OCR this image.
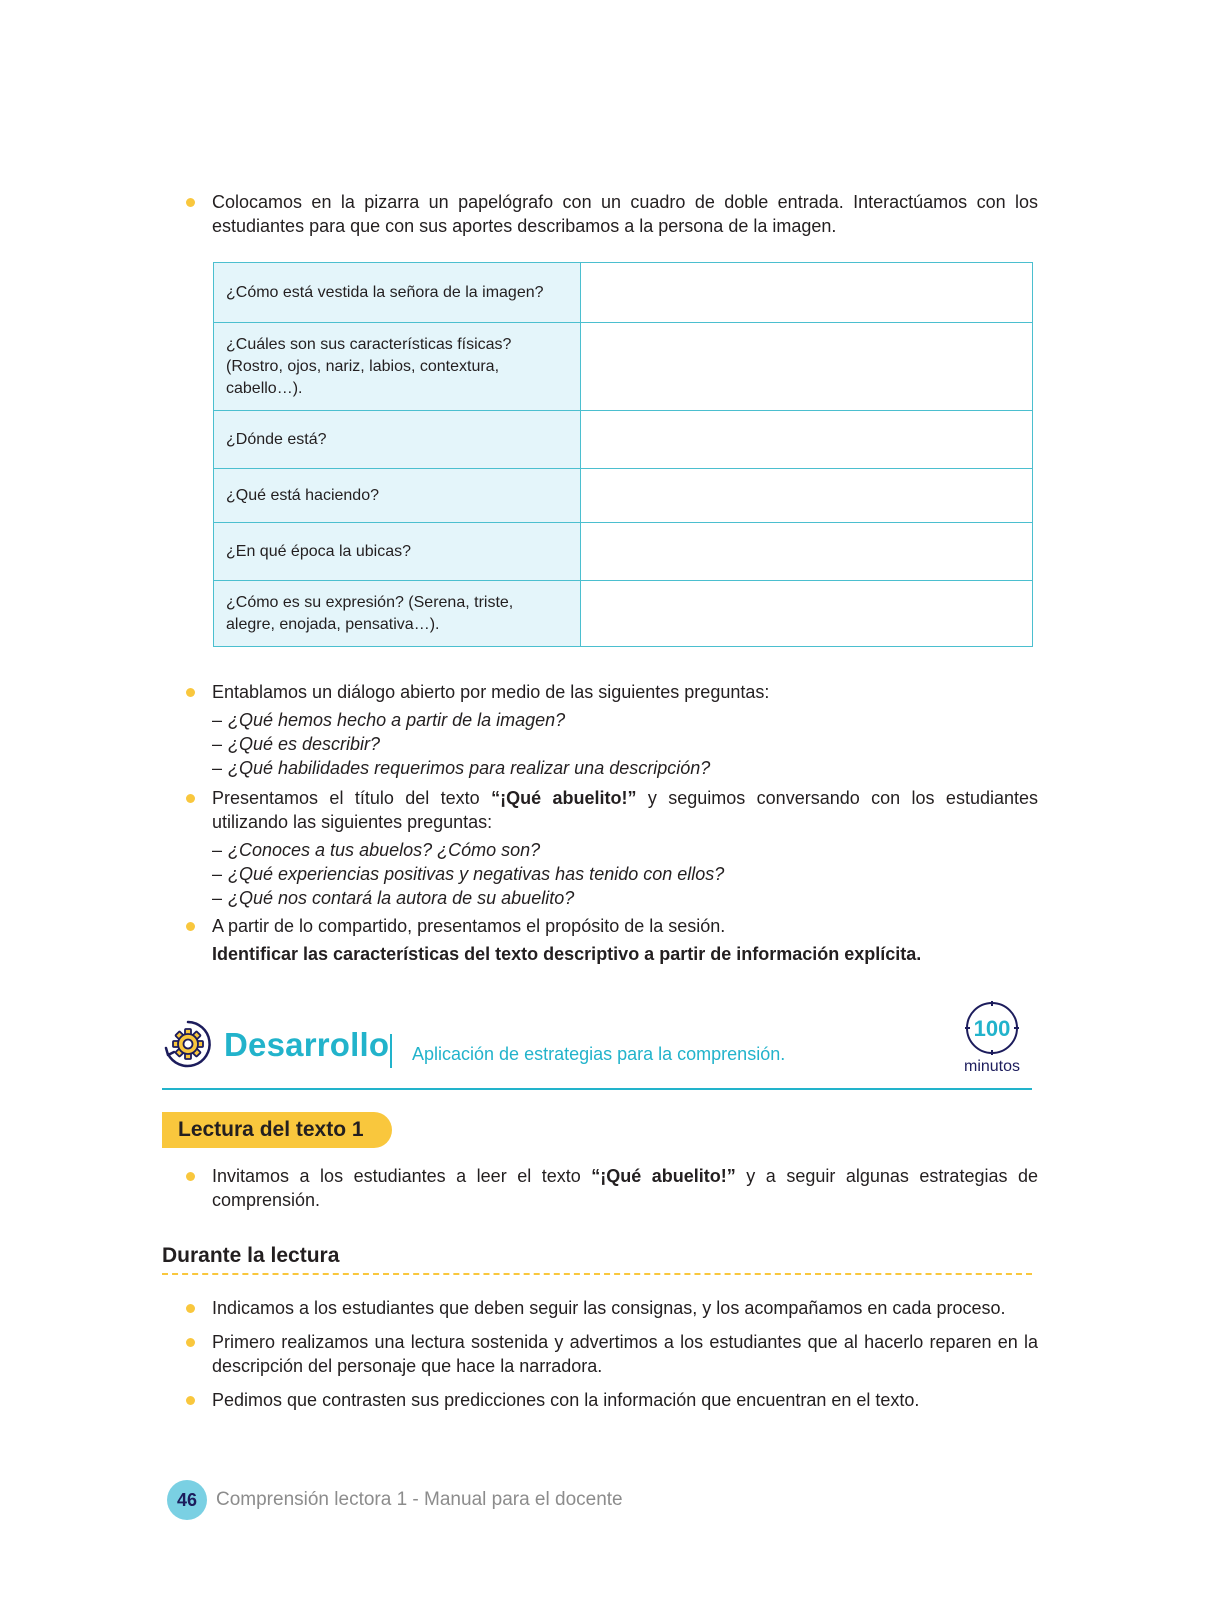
Colocamos en la pizarra un papelógrafo con un cuadro de doble entrada. Interactúamos con los estudiantes para que con sus aportes describamos a la persona de la imagen.
¿Cómo está vestida la señora de la imagen?	
¿Cuáles son sus características físicas? (Rostro, ojos, nariz, labios, contextura, cabello…).	
¿Dónde está?	
¿Qué está haciendo?	
¿En qué época la ubicas?	
¿Cómo es su expresión? (Serena, triste, alegre, enojada, pensativa…).	
Entablamos un diálogo abierto por medio de las siguientes preguntas:
– ¿Qué hemos hecho a partir de la imagen?
– ¿Qué es describir?
– ¿Qué habilidades requerimos para realizar una descripción?
Presentamos el título del texto “¡Qué abuelito!” y seguimos conversando con los estudiantes utilizando las siguientes preguntas:
– ¿Conoces a tus abuelos? ¿Cómo son?
– ¿Qué experiencias positivas y negativas has tenido con ellos?
– ¿Qué nos contará la autora de su abuelito?
A partir de lo compartido, presentamos el propósito de la sesión.
Identificar las características del texto descriptivo a partir de información explícita.
Desarrollo Aplicación de estrategias para la comprensión.
100
minutos
Lectura del texto 1
Invitamos a los estudiantes a leer el texto “¡Qué abuelito!” y a seguir algunas estrategias de comprensión.
Durante la lectura
Indicamos a los estudiantes que deben seguir las consignas, y los acompañamos en cada proceso.
Primero realizamos una lectura sostenida y advertimos a los estudiantes que al hacerlo reparen en la descripción del personaje que hace la narradora.
Pedimos que contrasten sus predicciones con la información que encuentran en el texto.
46 Comprensión lectora 1 - Manual para el docente
